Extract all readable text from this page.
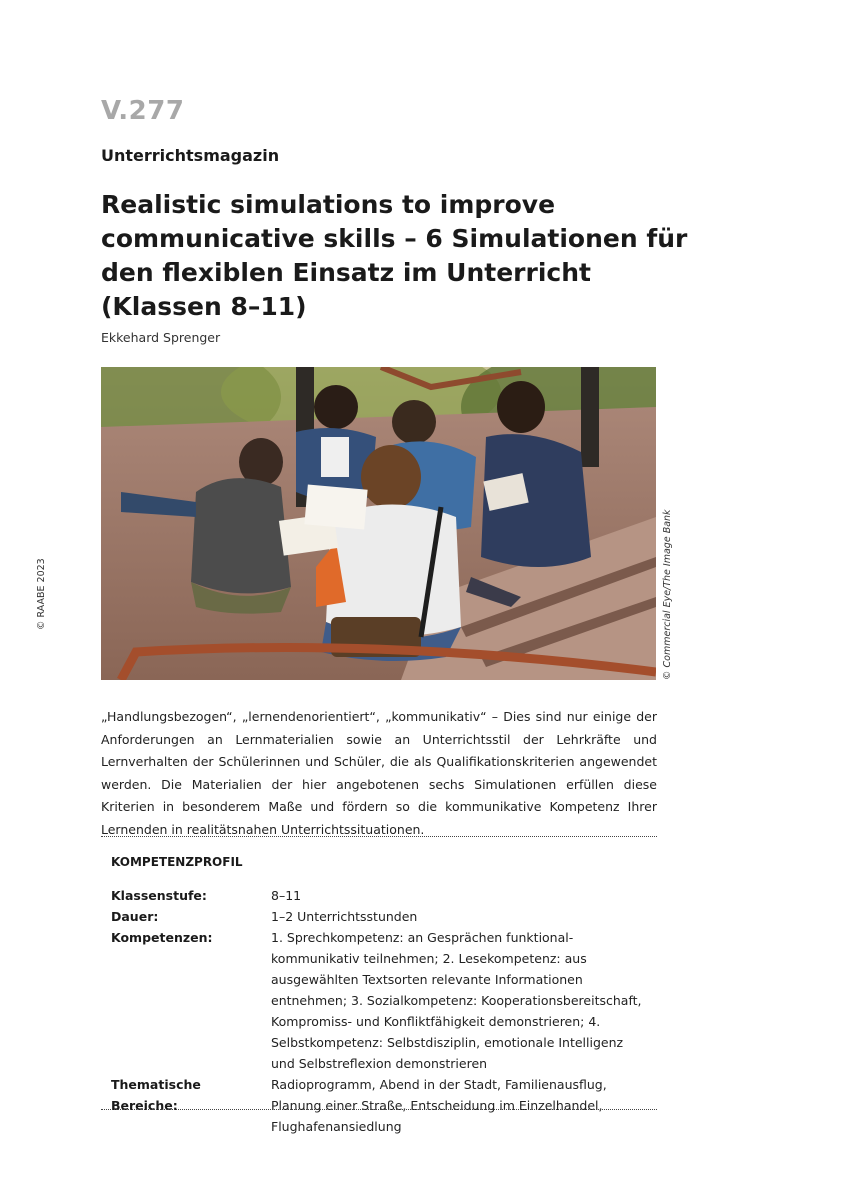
V.277
Unterrichtsmagazin
Realistic simulations to improve communicative skills – 6 Simulationen für den flexiblen Einsatz im Unterricht (Klassen 8–11)
Ekkehard Sprenger
© Commercial Eye/The Image Bank
© RAABE 2023
„Handlungsbezogen“, „lernendenorientiert“, „kommunikativ“ – Dies sind nur einige der Anforderungen an Lernmaterialien sowie an Unterrichtsstil der Lehrkräfte und Lernverhalten der Schülerinnen und Schüler, die als Qualifikationskriterien angewendet werden. Die Materialien der hier angebotenen sechs Simulationen erfüllen diese Kriterien in besonderem Maße und fördern so die kommunikative Kompetenz Ihrer Lernenden in realitätsnahen Unterrichtssituationen.
KOMPETENZPROFIL
Klassenstufe:	8–11
Dauer:	1–2 Unterrichtsstunden
Kompetenzen:	1. Sprechkompetenz: an Gesprächen funktional-kommunikativ teilnehmen; 2. Lesekompetenz: aus ausgewählten Textsorten relevante Informationen entnehmen; 3. Sozialkompetenz: Kooperationsbereitschaft, Kompromiss- und Konfliktfähigkeit demonstrieren; 4. Selbstkompetenz: Selbstdisziplin, emotionale Intelligenz und Selbstreflexion demonstrieren
Thematische Bereiche:
Radioprogramm, Abend in der Stadt, Familienausflug, Planung einer Straße, Entscheidung im Einzelhandel, Flughafenansiedlung
